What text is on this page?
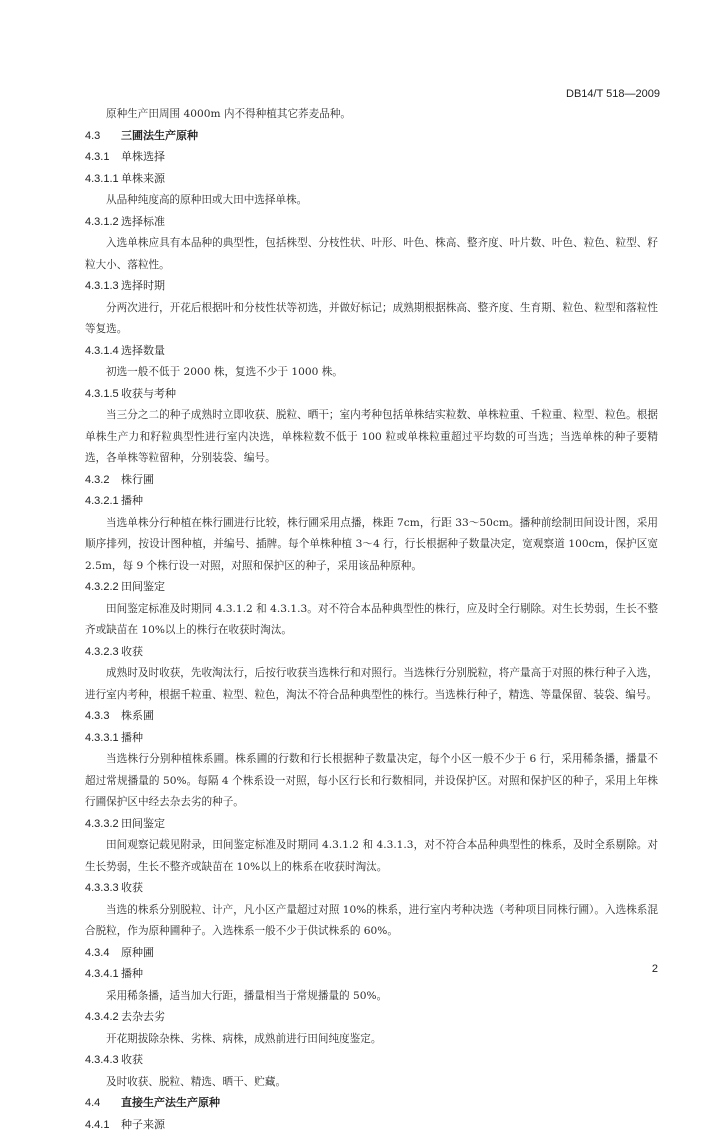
DB14/T 518—2009

原种生产田周围 4000m 内不得种植其它荞麦品种。

4.3 三圃法生产原种
4.3.1 单株选择
4.3.1.1 单株来源

从品种纯度高的原种田或大田中选择单株。

4.3.1.2 选择标准

入选单株应具有本品种的典型性，包括株型、分枝性状、叶形、叶色、株高、整齐度、叶片数、叶色、粒色、粒型、籽粒大小、落粒性。

4.3.1.3 选择时期

分两次进行，开花后根据叶和分枝性状等初选，并做好标记；成熟期根据株高、整齐度、生育期、粒色、粒型和落粒性等复选。

4.3.1.4 选择数量

初选一般不低于 2000 株，复选不少于 1000 株。

4.3.1.5 收获与考种

当三分之二的种子成熟时立即收获、脱粒、晒干；室内考种包括单株结实粒数、单株粒重、千粒重、粒型、粒色。根据单株生产力和籽粒典型性进行室内决选，单株粒数不低于 100 粒或单株粒重超过平均数的可当选；当选单株的种子要精选，各单株等粒留种，分别装袋、编号。

4.3.2 株行圃
4.3.2.1 播种

当选单株分行种植在株行圃进行比较，株行圃采用点播，株距 7cm，行距 33～50cm。播种前绘制田间设计图，采用顺序排列，按设计图种植，并编号、插牌。每个单株种植 3～4 行，行长根据种子数量决定，宽观察道 100cm，保护区宽 2.5m，每 9 个株行设一对照，对照和保护区的种子，采用该品种原种。

4.3.2.2 田间鉴定

田间鉴定标准及时期同 4.3.1.2 和 4.3.1.3。对不符合本品种典型性的株行，应及时全行剔除。对生长势弱，生长不整齐或缺苗在 10%以上的株行在收获时淘汰。

4.3.2.3 收获

成熟时及时收获，先收淘汰行，后按行收获当选株行和对照行。当选株行分别脱粒，将产量高于对照的株行种子入选，进行室内考种，根据千粒重、粒型、粒色，淘汰不符合品种典型性的株行。当选株行种子，精选、等量保留、装袋、编号。

4.3.3 株系圃
4.3.3.1 播种

当选株行分别种植株系圃。株系圃的行数和行长根据种子数量决定，每个小区一般不少于 6 行，采用稀条播，播量不超过常规播量的 50%。每隔 4 个株系设一对照，每小区行长和行数相同，并设保护区。对照和保护区的种子，采用上年株行圃保护区中经去杂去劣的种子。

4.3.3.2 田间鉴定

田间观察记载见附录，田间鉴定标准及时期同 4.3.1.2 和 4.3.1.3，对不符合本品种典型性的株系，及时全系剔除。对生长势弱，生长不整齐或缺苗在 10%以上的株系在收获时淘汰。

4.3.3.3 收获

当选的株系分别脱粒、计产，凡小区产量超过对照 10%的株系，进行室内考种决选（考种项目同株行圃）。入选株系混合脱粒，作为原种圃种子。入选株系一般不少于供试株系的 60%。

4.3.4 原种圃
4.3.4.1 播种

采用稀条播，适当加大行距，播量相当于常规播量的 50%。

4.3.4.2 去杂去劣

开花期拔除杂株、劣株、病株，成熟前进行田间纯度鉴定。

4.3.4.3 收获

及时收获、脱粒、精选、晒干、贮藏。

4.4 直接生产法生产原种
4.4.1 种子来源
2
